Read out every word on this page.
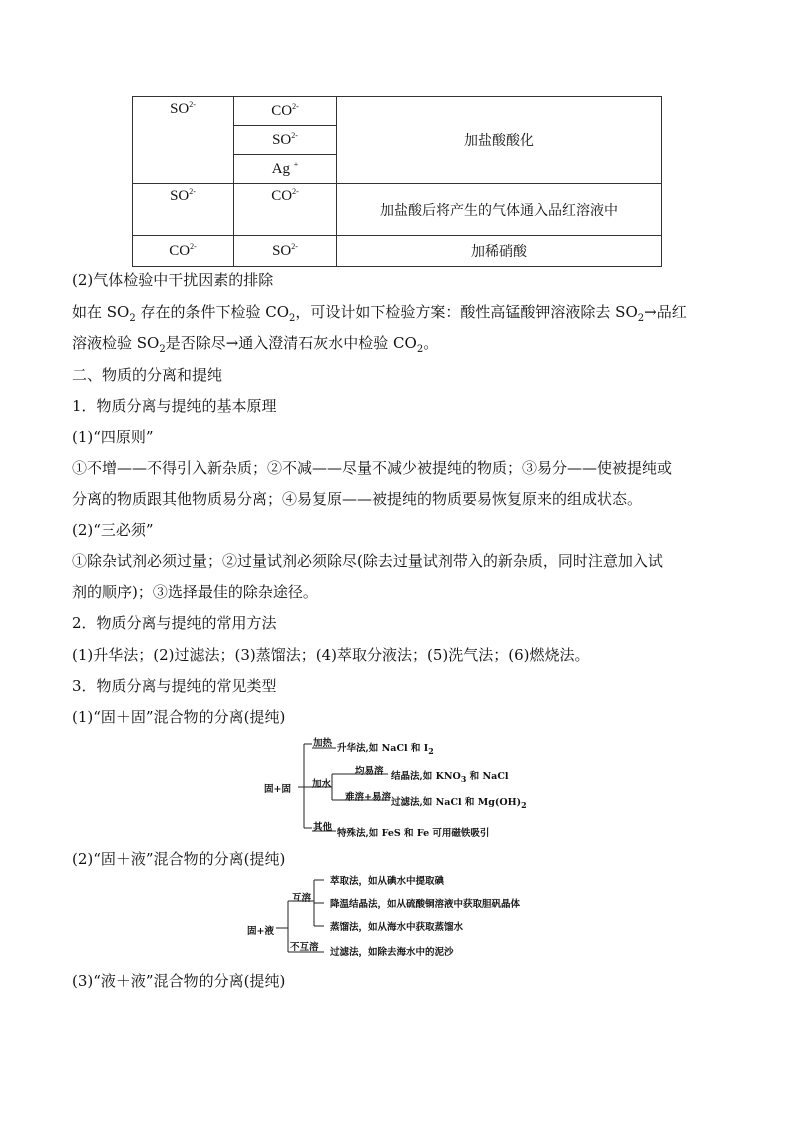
$SO^{2-}$	$CO^{2-}$	加盐酸酸化
	$SO^{2-}$
	Ag +
$SO^{2-}$	$CO^{2-}$	加盐酸后将产生的气体通入品红溶液中
$CO^{2-}$	$SO^{2-}$	加稀硝酸
(2)气体检验中干扰因素的排除
如在 $SO_2$ 存在的条件下检验 $CO_2$，可设计如下检验方案：酸性高锰酸钾溶液除去 $SO_2\to$品红
溶液检验 $SO_2$是否除尽→通入澄清石灰水中检验 $CO_2$。
二、物质的分离和提纯
1．物质分离与提纯的基本原理
(1)“四原则”
①不增——不得引入新杂质；②不减——尽量不减少被提纯的物质；③易分——使被提纯或
分离的物质跟其他物质易分离；④易复原——被提纯的物质要易恢复原来的组成状态。
(2)“三必须”
①除杂试剂必须过量；②过量试剂必须除尽(除去过量试剂带入的新杂质，同时注意加入试
剂的顺序)；③选择最佳的除杂途径。
2．物质分离与提纯的常用方法
(1)升华法；(2)过滤法；(3)蒸馏法；(4)萃取分液法；(5)洗气法；(6)燃烧法。
3．物质分离与提纯的常见类型
(1)“固＋固”混合物的分离(提纯)
固+固
加热 升华法,如 NaCl 和 $I_2$
加水
均易溶 结晶法,如 $KNO_3$ 和 NaCl
难溶+易溶 过滤法,如 NaCl 和 $Mg(OH)_2$
其他
特殊法,如 FeS 和 Fe 可用磁铁吸引
(2)“固＋液”混合物的分离(提纯)
固+液
互溶
萃取法，如从碘水中提取碘
降温结晶法，如从硫酸铜溶液中获取胆矾晶体
蒸馏法，如从海水中获取蒸馏水
不互溶 过滤法，如除去海水中的泥沙
(3)“液＋液”混合物的分离(提纯)
